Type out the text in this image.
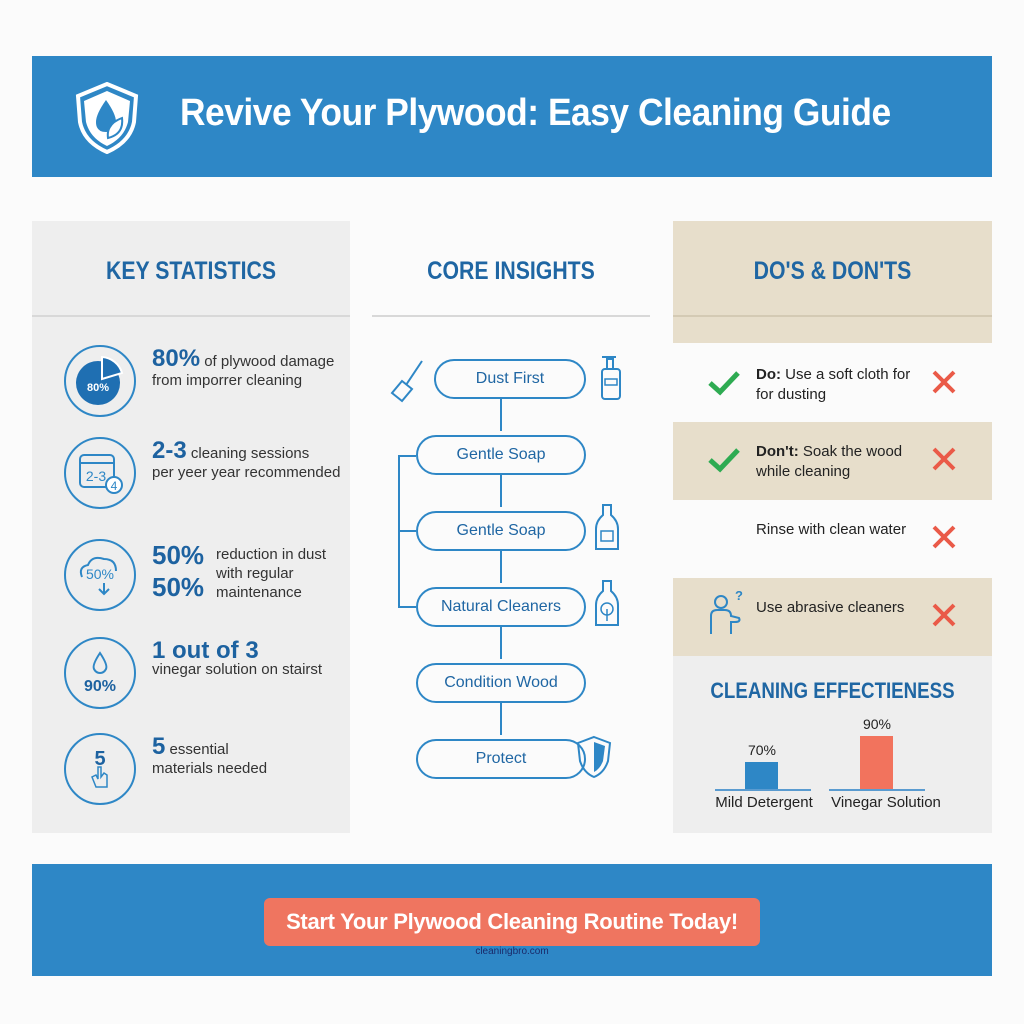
Revive Your Plywood: Easy Cleaning Guide
KEY STATISTICS
80%
80% of plywood damage
from imporrer cleaning
2-3
4
2-3 cleaning sessions
per yeer year recommended
50%
50%
50%
reduction in dust with regular maintenance
90%
1 out of 3
vinegar solution on stairst
5 5 essential
materials needed
CORE INSIGHTS
Dust First
Gentle Soap
Gentle Soap
Natural Cleaners
Condition Wood
Protect
DO'S & DON'TS
Do: Use a soft cloth for for dusting
Don't: Soak the wood while cleaning
Rinse with clean water
?
Use abrasive cleaners
CLEANING EFFECTIENESS
70%
90%
Mild Detergent	Vinegar Solution
Start Your Plywood Cleaning Routine Today!
cleaningbro.com
